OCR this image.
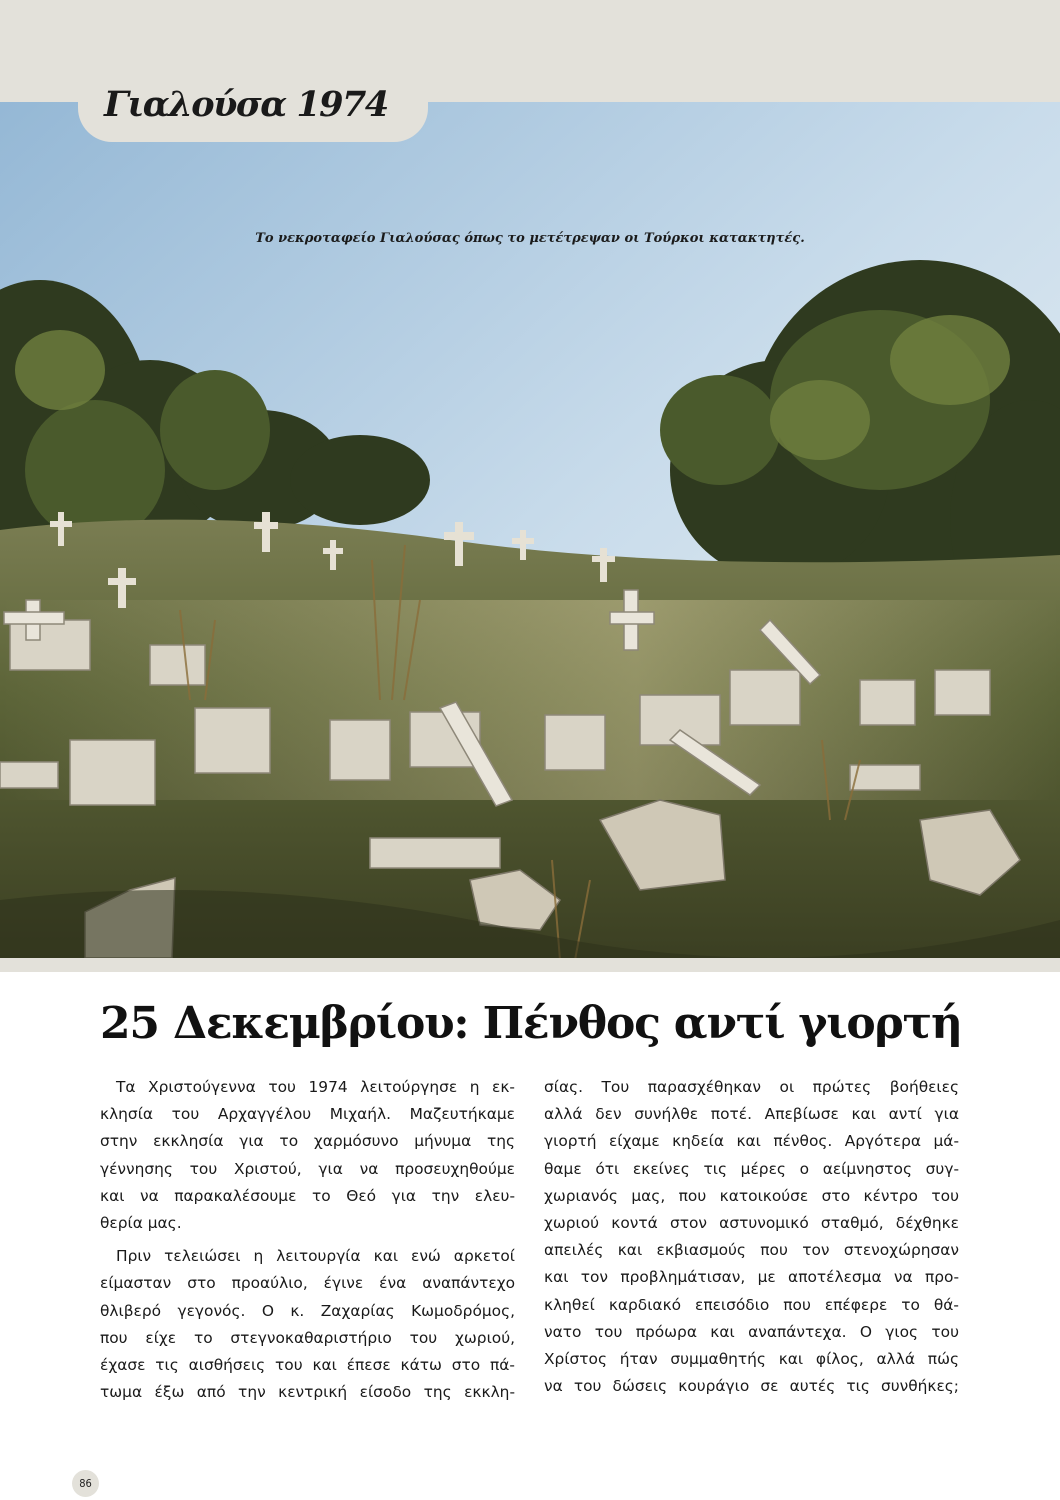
Γιαλούσα 1974
Το νεκροταφείο Γιαλούσας όπως το μετέτρεψαν οι Τούρκοι κατακτητές.
25 Δεκεμβρίου: Πένθος αντί γιορτή
Τα Χριστούγεννα του 1974 λειτούργησε η εκ-
κλησία του Αρχαγγέλου Μιχαήλ. Μαζευτήκαμε
στην εκκλησία για το χαρμόσυνο μήνυμα της
γέννησης του Χριστού, για να προσευχηθούμε
και να παρακαλέσουμε το Θεό για την ελευ-
θερία μας.
Πριν τελειώσει η λειτουργία και ενώ αρκετοί
είμασταν στο προαύλιο, έγινε ένα αναπάντεχο
θλιβερό γεγονός. Ο κ. Ζαχαρίας Κωμοδρόμος,
που είχε το στεγνοκαθαριστήριο του χωριού,
έχασε τις αισθήσεις του και έπεσε κάτω στο πά-
τωμα έξω από την κεντρική είσοδο της εκκλη-
σίας. Του παρασχέθηκαν οι πρώτες βοήθειες
αλλά δεν συνήλθε ποτέ. Απεβίωσε και αντί για
γιορτή είχαμε κηδεία και πένθος. Αργότερα μά-
θαμε ότι εκείνες τις μέρες ο αείμνηστος συγ-
χωριανός μας, που κατοικούσε στο κέντρο του
χωριού κοντά στον αστυνομικό σταθμό, δέχθηκε
απειλές και εκβιασμούς που τον στενοχώρησαν
και τον προβλημάτισαν, με αποτέλεσμα να προ-
κληθεί καρδιακό επεισόδιο που επέφερε το θά-
νατο του πρόωρα και αναπάντεχα. Ο γιος του
Χρίστος ήταν συμμαθητής και φίλος, αλλά πώς
να του δώσεις κουράγιο σε αυτές τις συνθήκες;
86
